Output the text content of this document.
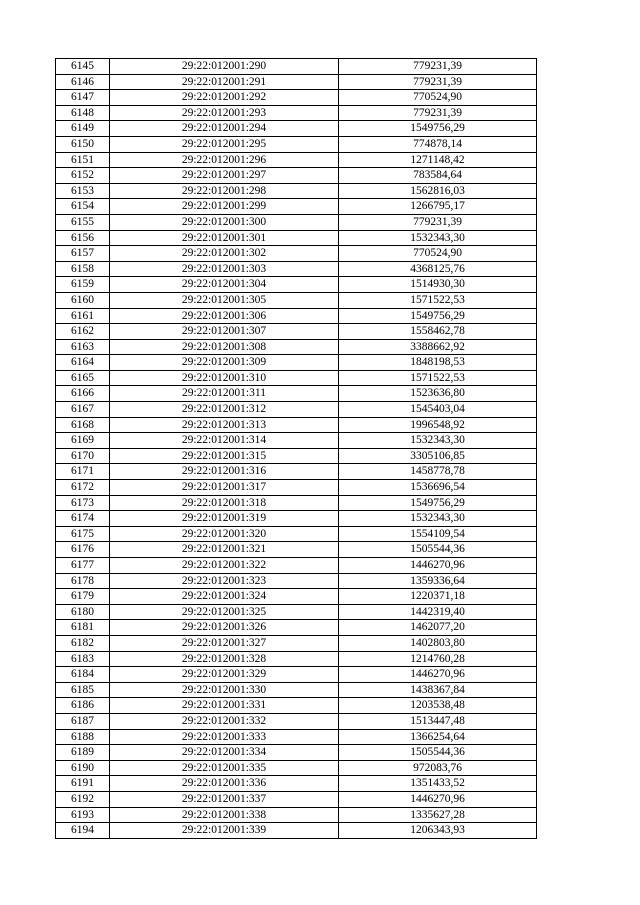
6145	29:22:012001:290	779231,39
6146	29:22:012001:291	779231,39
6147	29:22:012001:292	770524,90
6148	29:22:012001:293	779231,39
6149	29:22:012001:294	1549756,29
6150	29:22:012001:295	774878,14
6151	29:22:012001:296	1271148,42
6152	29:22:012001:297	783584,64
6153	29:22:012001:298	1562816,03
6154	29:22:012001:299	1266795,17
6155	29:22:012001:300	779231,39
6156	29:22:012001:301	1532343,30
6157	29:22:012001:302	770524,90
6158	29:22:012001:303	4368125,76
6159	29:22:012001:304	1514930,30
6160	29:22:012001:305	1571522,53
6161	29:22:012001:306	1549756,29
6162	29:22:012001:307	1558462,78
6163	29:22:012001:308	3388662,92
6164	29:22:012001:309	1848198,53
6165	29:22:012001:310	1571522,53
6166	29:22:012001:311	1523636,80
6167	29:22:012001:312	1545403,04
6168	29:22:012001:313	1996548,92
6169	29:22:012001:314	1532343,30
6170	29:22:012001:315	3305106,85
6171	29:22:012001:316	1458778,78
6172	29:22:012001:317	1536696,54
6173	29:22:012001:318	1549756,29
6174	29:22:012001:319	1532343,30
6175	29:22:012001:320	1554109,54
6176	29:22:012001:321	1505544,36
6177	29:22:012001:322	1446270,96
6178	29:22:012001:323	1359336,64
6179	29:22:012001:324	1220371,18
6180	29:22:012001:325	1442319,40
6181	29:22:012001:326	1462077,20
6182	29:22:012001:327	1402803,80
6183	29:22:012001:328	1214760,28
6184	29:22:012001:329	1446270,96
6185	29:22:012001:330	1438367,84
6186	29:22:012001:331	1203538,48
6187	29:22:012001:332	1513447,48
6188	29:22:012001:333	1366254,64
6189	29:22:012001:334	1505544,36
6190	29:22:012001:335	972083,76
6191	29:22:012001:336	1351433,52
6192	29:22:012001:337	1446270,96
6193	29:22:012001:338	1335627,28
6194	29:22:012001:339	1206343,93
